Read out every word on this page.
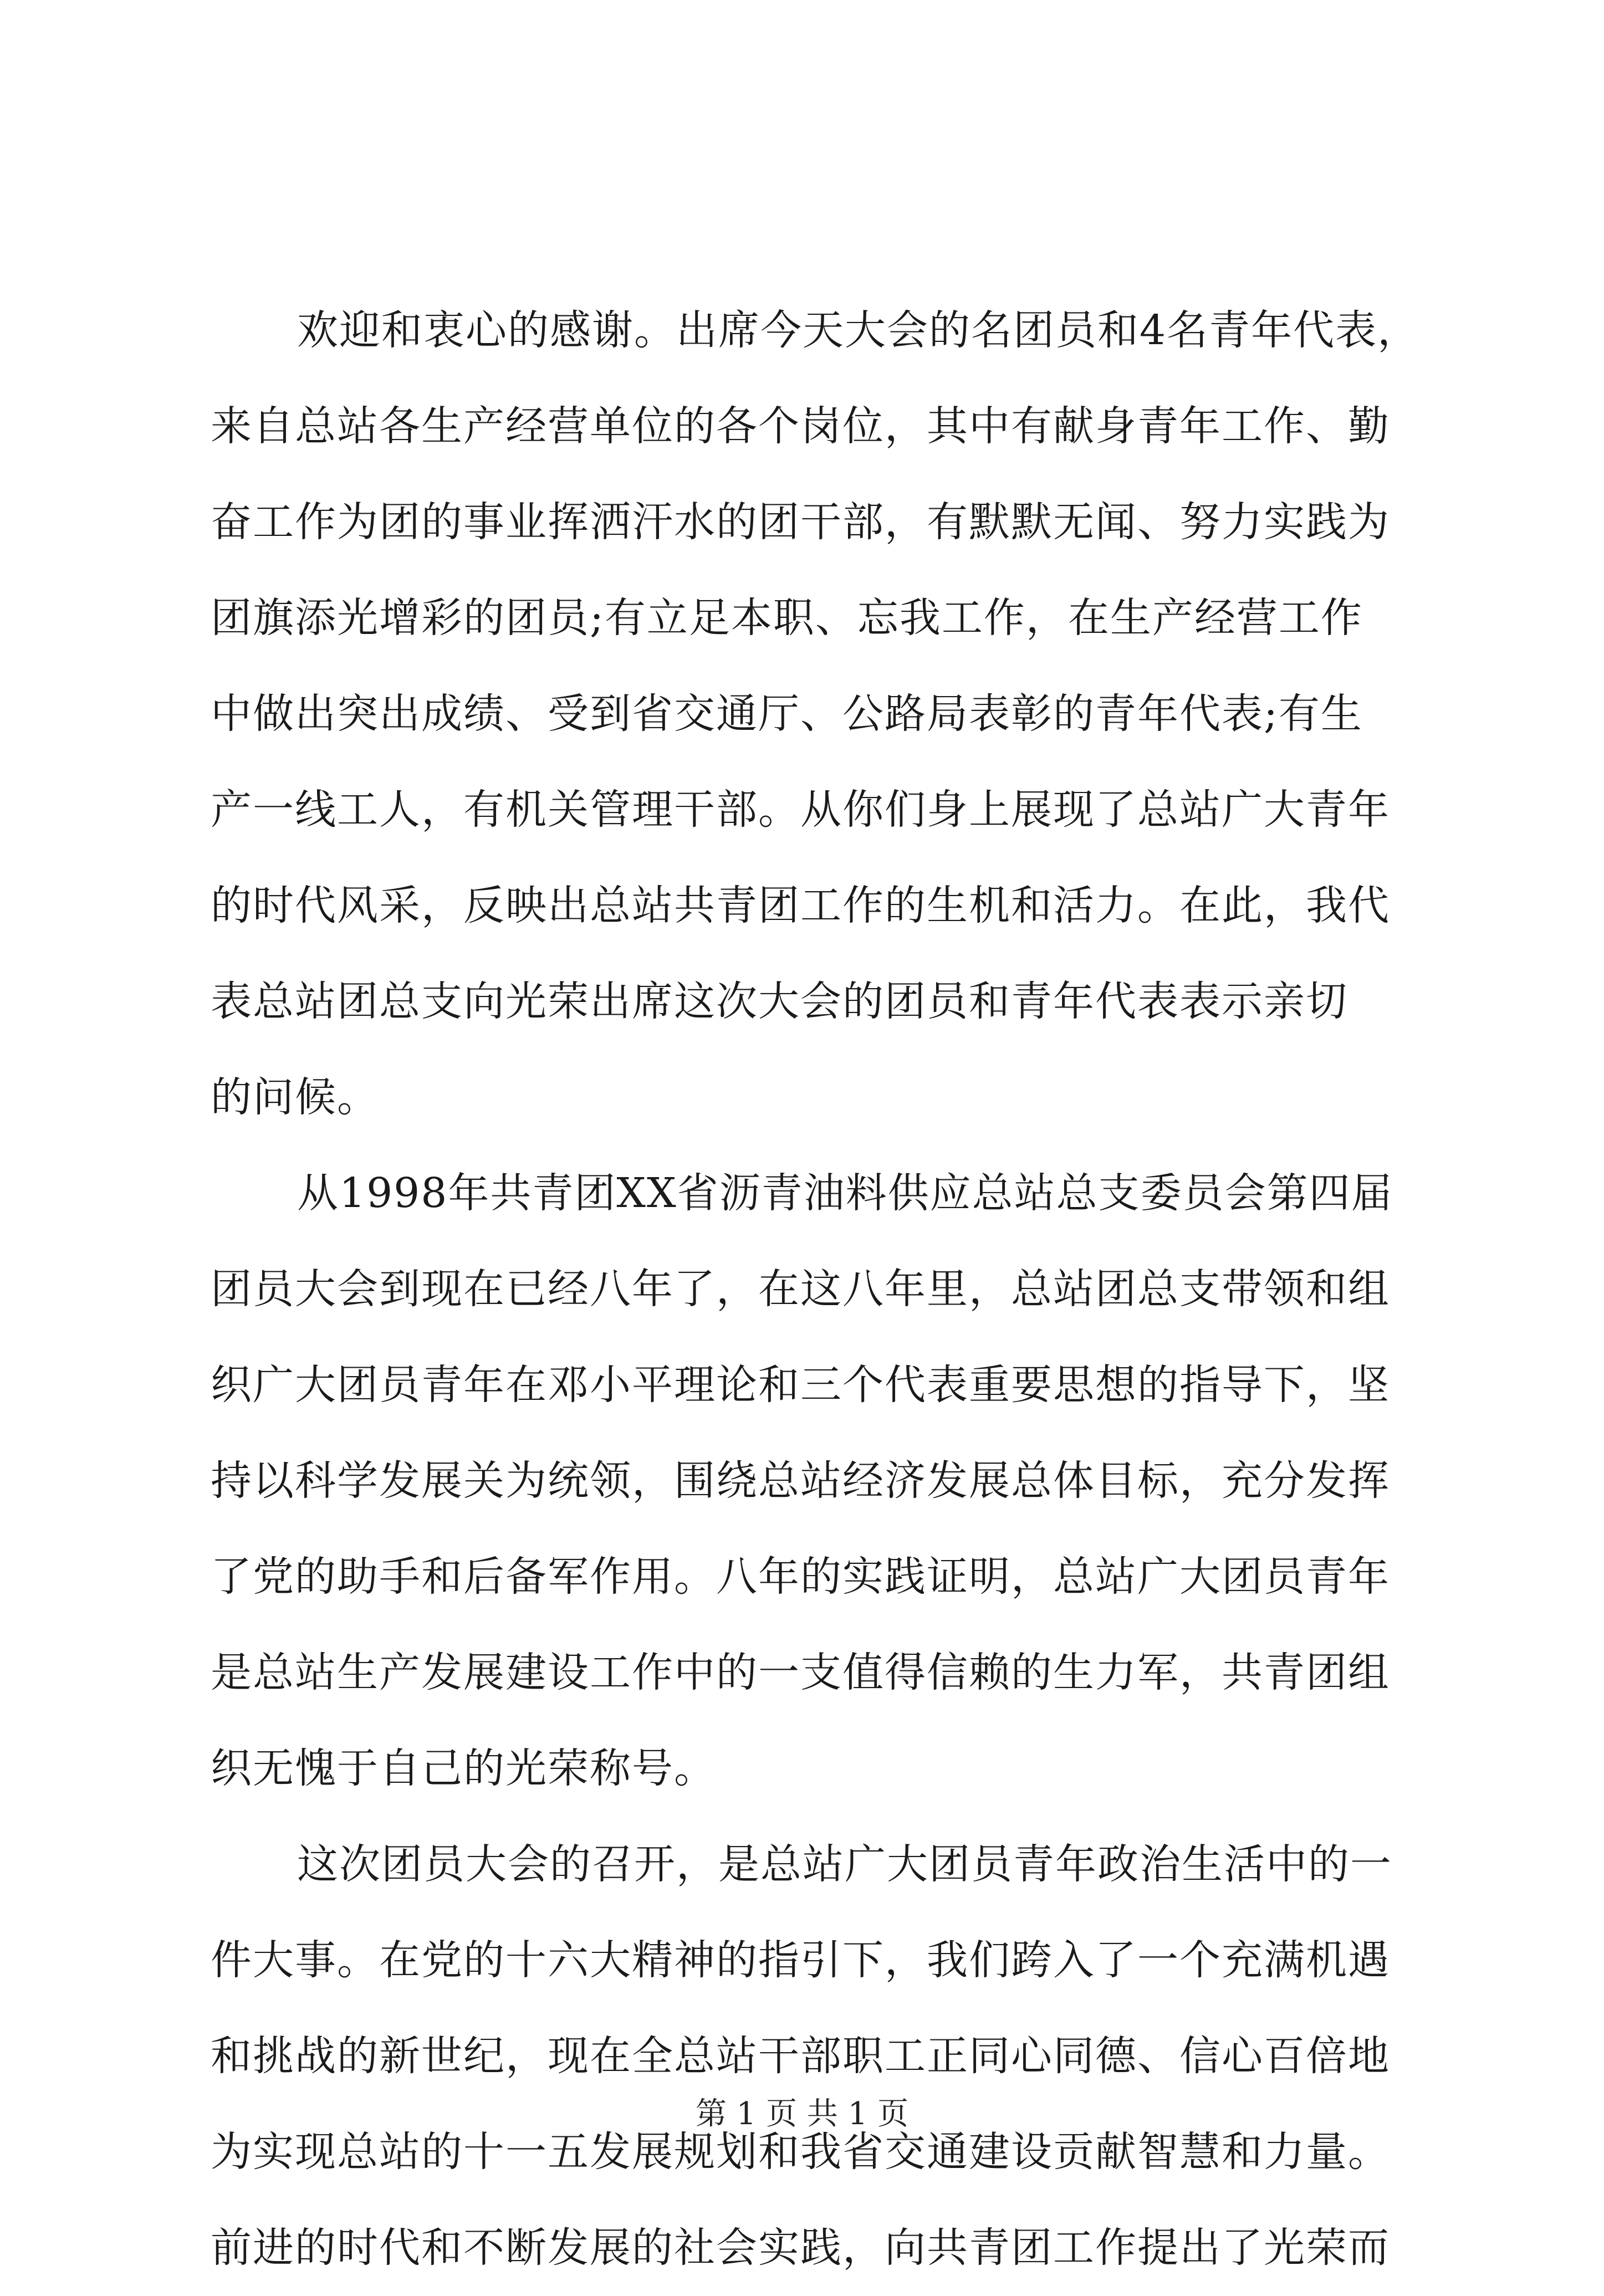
欢迎和衷心的感谢。出席今天大会的名团员和4名青年代表，
来自总站各生产经营单位的各个岗位，其中有献身青年工作、勤
奋工作为团的事业挥洒汗水的团干部，有默默无闻、努力实践为
团旗添光增彩的团员;有立足本职、忘我工作，在生产经营工作
中做出突出成绩、受到省交通厅、公路局表彰的青年代表;有生
产一线工人，有机关管理干部。从你们身上展现了总站广大青年
的时代风采，反映出总站共青团工作的生机和活力。在此，我代
表总站团总支向光荣出席这次大会的团员和青年代表表示亲切
的问候。
从1998年共青团XX省沥青油料供应总站总支委员会第四届
团员大会到现在已经八年了，在这八年里，总站团总支带领和组
织广大团员青年在邓小平理论和三个代表重要思想的指导下，坚
持以科学发展关为统领，围绕总站经济发展总体目标，充分发挥
了党的助手和后备军作用。八年的实践证明，总站广大团员青年
是总站生产发展建设工作中的一支值得信赖的生力军，共青团组
织无愧于自己的光荣称号。
这次团员大会的召开，是总站广大团员青年政治生活中的一
件大事。在党的十六大精神的指引下，我们跨入了一个充满机遇
和挑战的新世纪，现在全总站干部职工正同心同德、信心百倍地
为实现总站的十一五发展规划和我省交通建设贡献智慧和力量。
前进的时代和不断发展的社会实践，向共青团工作提出了光荣而
第 1 页 共 1 页
